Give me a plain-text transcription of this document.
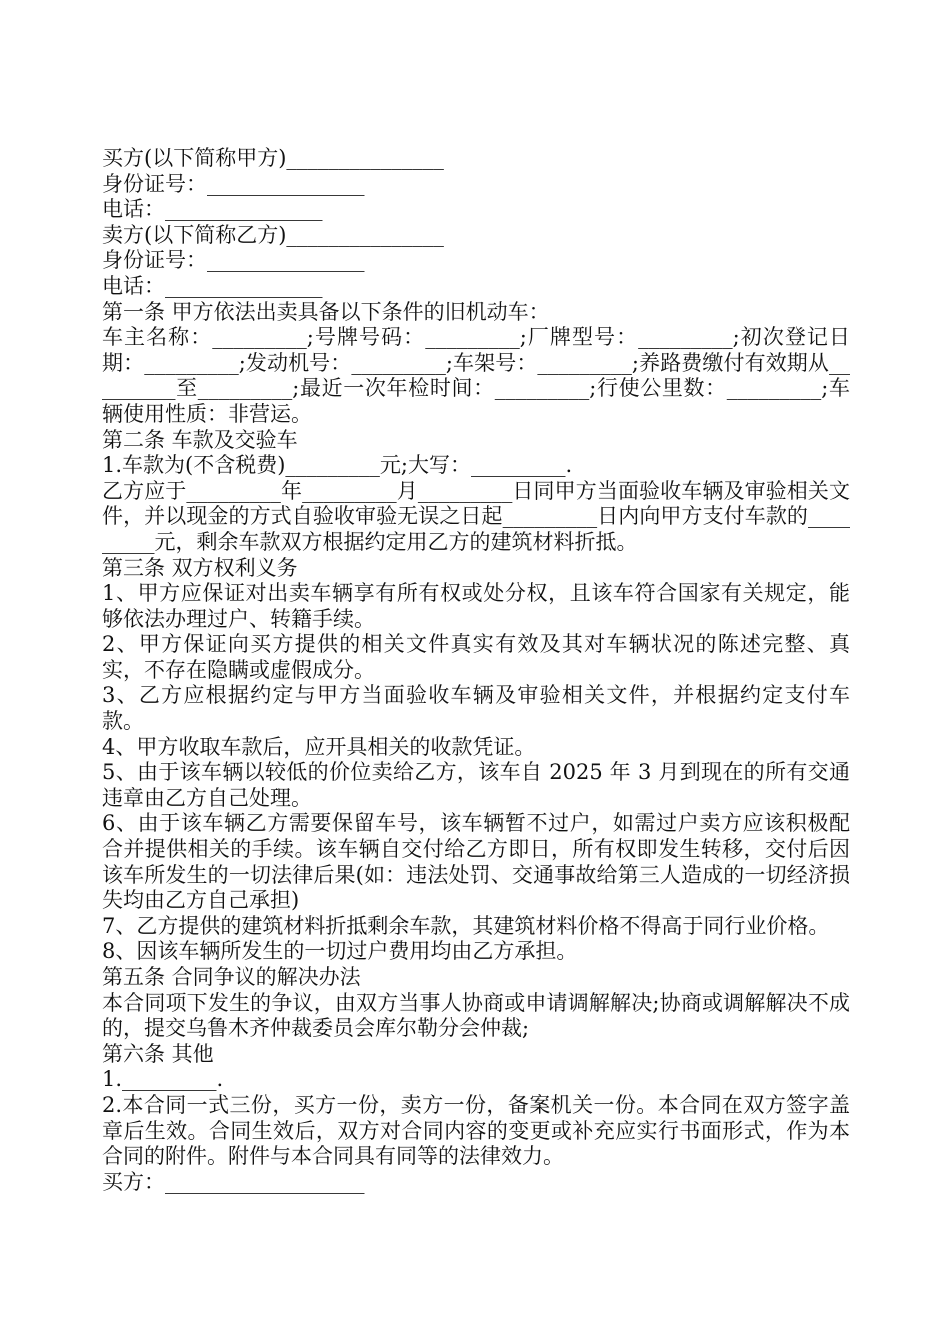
买方(以下简称甲方)_______________

身份证号：_______________

电话：_______________

卖方(以下简称乙方)_______________

身份证号：_______________

电话：_______________

第一条 甲方依法出卖具备以下条件的旧机动车：

车主名称：_________;号牌号码：_________;厂牌型号：_________;初次登记日期：_________;发动机号：_________;车架号：_________;养路费缴付有效期从_________至_________;最近一次年检时间：_________;行使公里数：_________;车辆使用性质：非营运。

第二条 车款及交验车

1.车款为(不含税费)_________元;大写：_________.

乙方应于_________年_________月_________日同甲方当面验收车辆及审验相关文件，并以现金的方式自验收审验无误之日起_________日内向甲方支付车款的_________元，剩余车款双方根据约定用乙方的建筑材料折抵。

第三条 双方权利义务

1、甲方应保证对出卖车辆享有所有权或处分权，且该车符合国家有关规定，能够依法办理过户、转籍手续。

2、甲方保证向买方提供的相关文件真实有效及其对车辆状况的陈述完整、真实，不存在隐瞒或虚假成分。

3、乙方应根据约定与甲方当面验收车辆及审验相关文件，并根据约定支付车款。

4、甲方收取车款后，应开具相关的收款凭证。

5、由于该车辆以较低的价位卖给乙方，该车自 2025 年 3 月到现在的所有交通违章由乙方自己处理。

6、由于该车辆乙方需要保留车号，该车辆暂不过户，如需过户卖方应该积极配合并提供相关的手续。该车辆自交付给乙方即日，所有权即发生转移，交付后因该车所发生的一切法律后果(如：违法处罚、交通事故给第三人造成的一切经济损失均由乙方自己承担)

7、乙方提供的建筑材料折抵剩余车款，其建筑材料价格不得高于同行业价格。

8、因该车辆所发生的一切过户费用均由乙方承担。

第五条 合同争议的解决办法

本合同项下发生的争议，由双方当事人协商或申请调解解决;协商或调解解决不成的，提交乌鲁木齐仲裁委员会库尔勒分会仲裁;

第六条 其他

1._________.

2.本合同一式三份，买方一份，卖方一份，备案机关一份。本合同在双方签字盖章后生效。合同生效后，双方对合同内容的变更或补充应实行书面形式，作为本合同的附件。附件与本合同具有同等的法律效力。

买方：___________________
